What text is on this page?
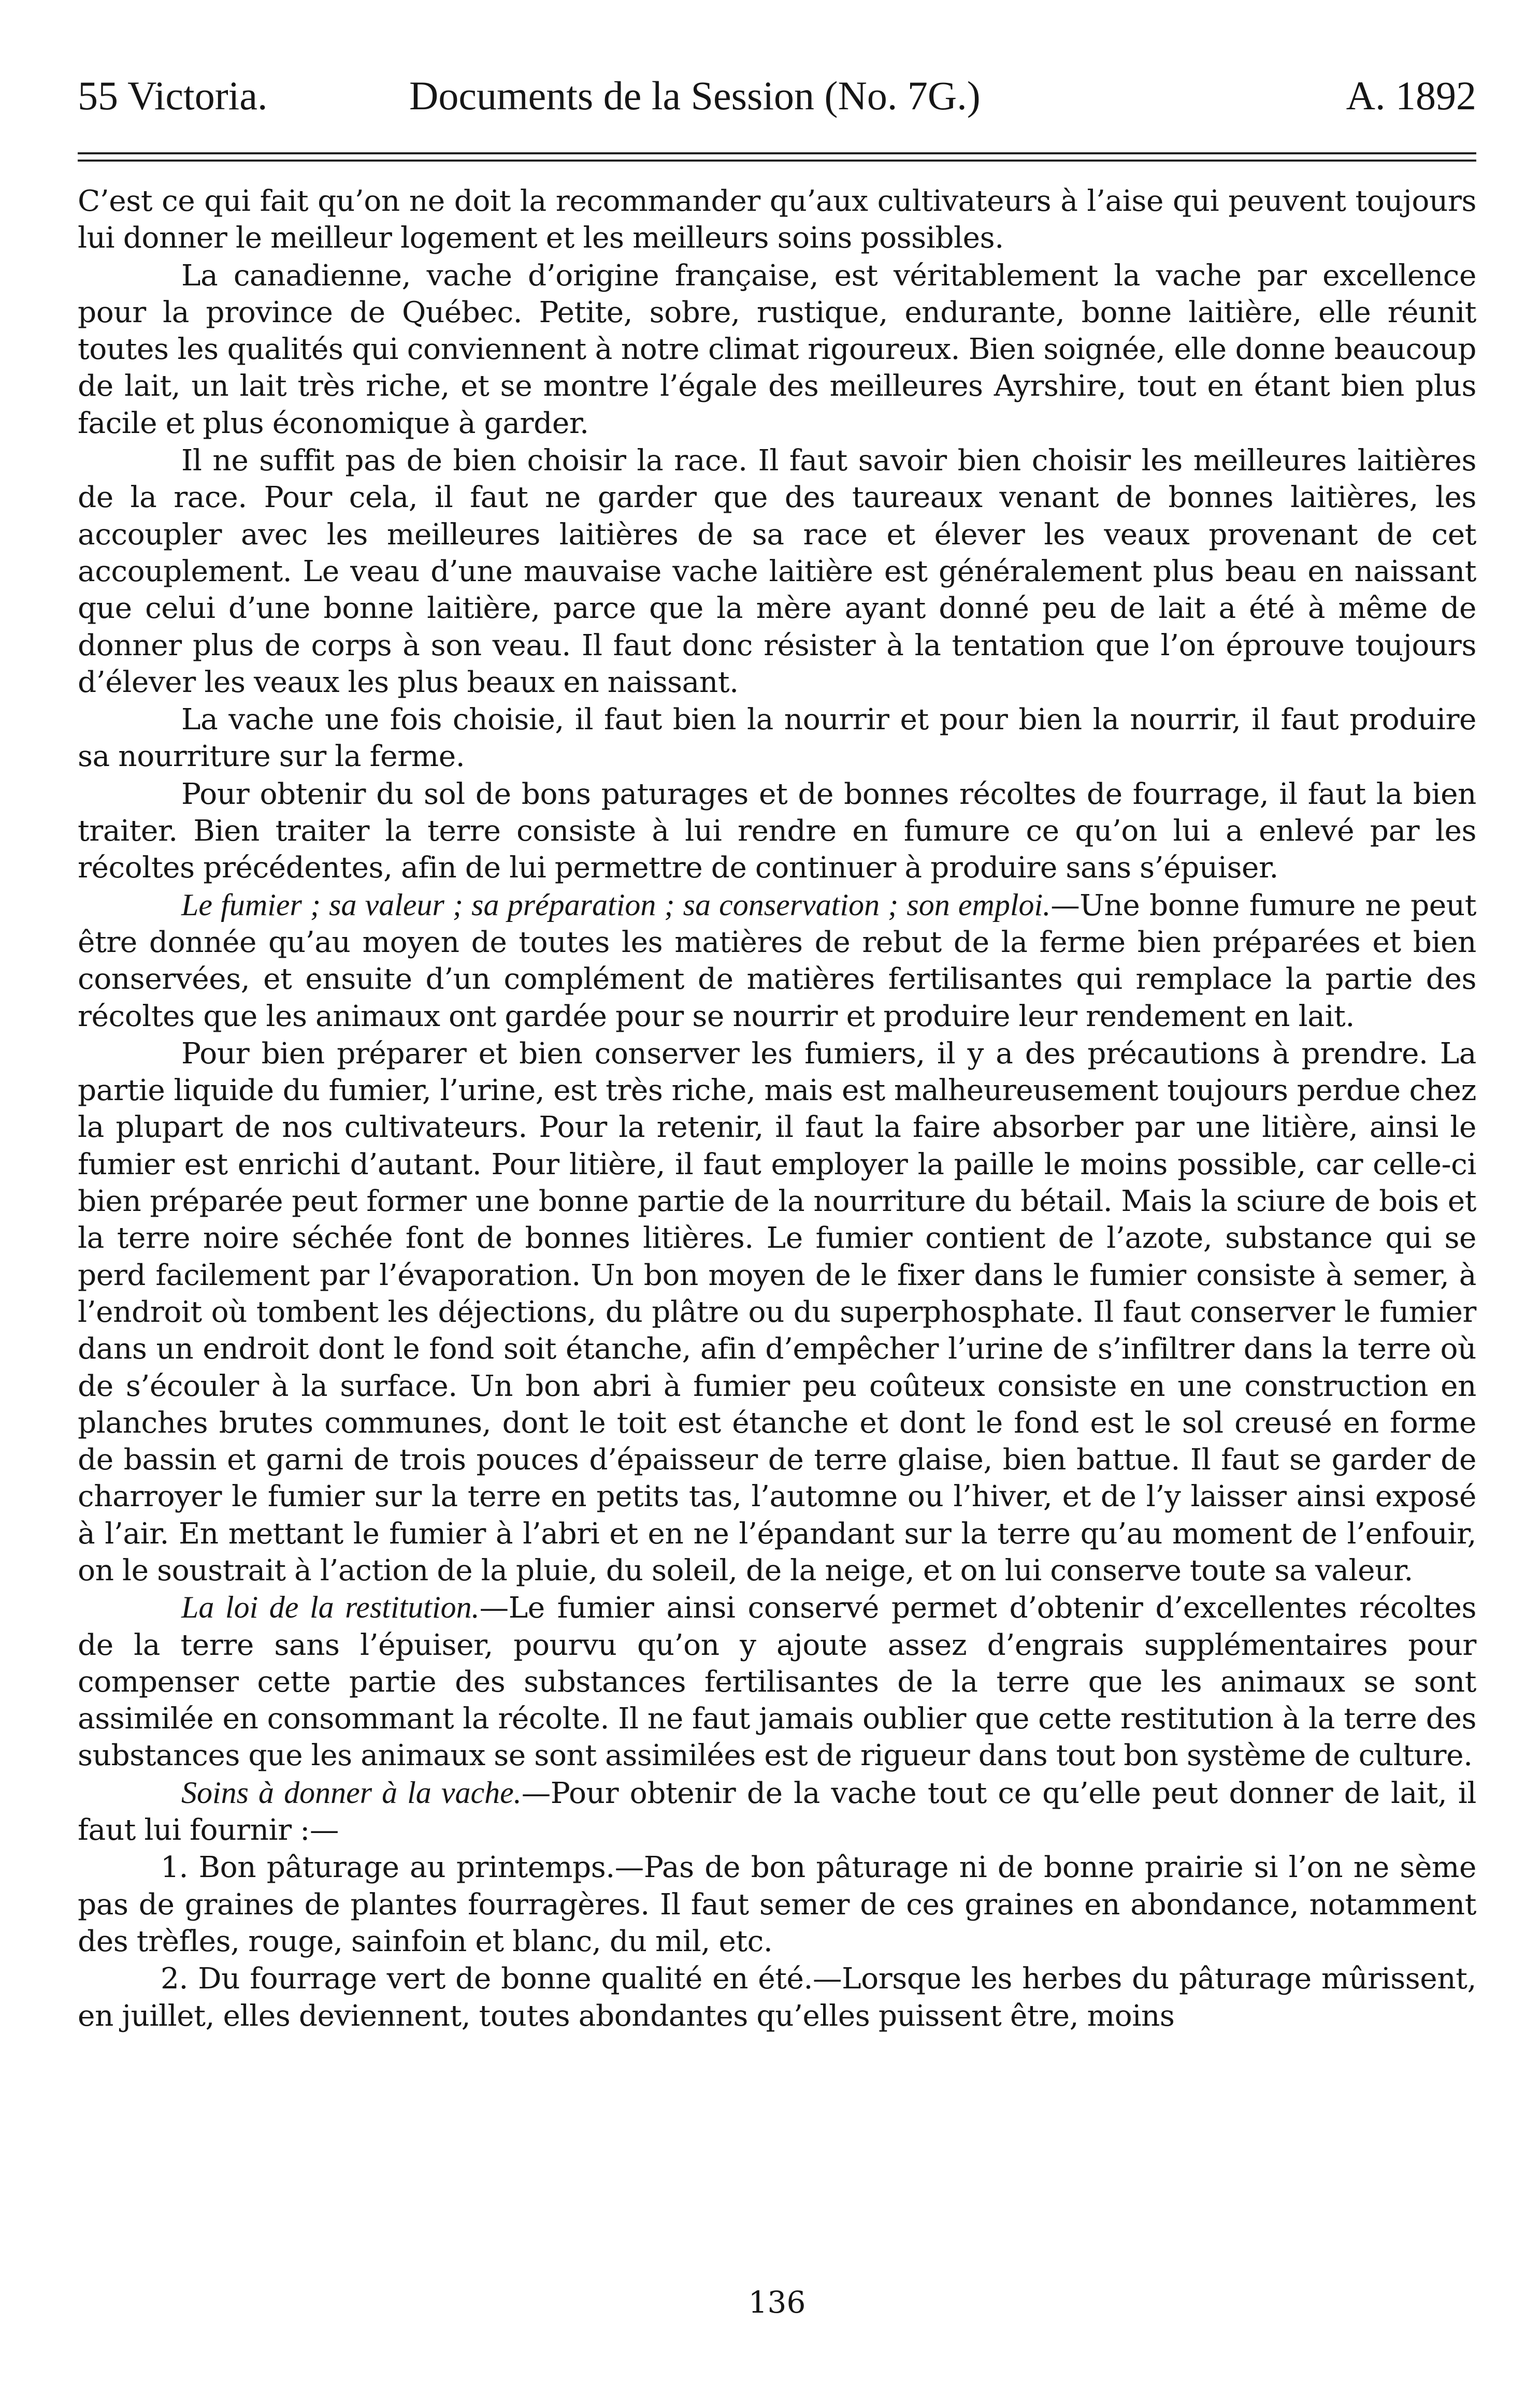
55 Victoria.	Documents de la Session (No. 7G.)	A. 1892

C’est ce qui fait qu’on ne doit la recommander qu’aux cultivateurs à l’aise qui peuvent toujours lui donner le meilleur logement et les meilleurs soins possibles.

La canadienne, vache d’origine française, est véritablement la vache par excellence pour la province de Québec. Petite, sobre, rustique, endurante, bonne laitière, elle réunit toutes les qualités qui conviennent à notre climat rigoureux. Bien soignée, elle donne beaucoup de lait, un lait très riche, et se montre l’égale des meilleures Ayrshire, tout en étant bien plus facile et plus économique à garder.

Il ne suffit pas de bien choisir la race. Il faut savoir bien choisir les meilleures laitières de la race. Pour cela, il faut ne garder que des taureaux venant de bonnes laitières, les accoupler avec les meilleures laitières de sa race et élever les veaux provenant de cet accouplement. Le veau d’une mauvaise vache laitière est généralement plus beau en naissant que celui d’une bonne laitière, parce que la mère ayant donné peu de lait a été à même de donner plus de corps à son veau. Il faut donc résister à la tentation que l’on éprouve toujours d’élever les veaux les plus beaux en naissant.

La vache une fois choisie, il faut bien la nourrir et pour bien la nourrir, il faut produire sa nourriture sur la ferme.

Pour obtenir du sol de bons paturages et de bonnes récoltes de fourrage, il faut la bien traiter. Bien traiter la terre consiste à lui rendre en fumure ce qu’on lui a enlevé par les récoltes précédentes, afin de lui permettre de continuer à produire sans s’épuiser.

Le fumier ; sa valeur ; sa préparation ; sa conservation ; son emploi.—Une bonne fumure ne peut être donnée qu’au moyen de toutes les matières de rebut de la ferme bien préparées et bien conservées, et ensuite d’un complément de matières fertilisantes qui remplace la partie des récoltes que les animaux ont gardée pour se nourrir et produire leur rendement en lait.

Pour bien préparer et bien conserver les fumiers, il y a des précautions à prendre. La partie liquide du fumier, l’urine, est très riche, mais est malheureusement toujours perdue chez la plupart de nos cultivateurs. Pour la retenir, il faut la faire absorber par une litière, ainsi le fumier est enrichi d’autant. Pour litière, il faut employer la paille le moins possible, car celle-ci bien préparée peut former une bonne partie de la nourriture du bétail. Mais la sciure de bois et la terre noire séchée font de bonnes litières. Le fumier contient de l’azote, substance qui se perd facilement par l’évaporation. Un bon moyen de le fixer dans le fumier consiste à semer, à l’endroit où tombent les déjections, du plâtre ou du superphosphate. Il faut conserver le fumier dans un endroit dont le fond soit étanche, afin d’empêcher l’urine de s’infiltrer dans la terre où de s’écouler à la surface. Un bon abri à fumier peu coûteux consiste en une construction en planches brutes communes, dont le toit est étanche et dont le fond est le sol creusé en forme de bassin et garni de trois pouces d’épaisseur de terre glaise, bien battue. Il faut se garder de charroyer le fumier sur la terre en petits tas, l’automne ou l’hiver, et de l’y laisser ainsi exposé à l’air. En mettant le fumier à l’abri et en ne l’épandant sur la terre qu’au moment de l’enfouir, on le soustrait à l’action de la pluie, du soleil, de la neige, et on lui conserve toute sa valeur.

La loi de la restitution.—Le fumier ainsi conservé permet d’obtenir d’excellentes récoltes de la terre sans l’épuiser, pourvu qu’on y ajoute assez d’engrais supplémentaires pour compenser cette partie des substances fertilisantes de la terre que les animaux se sont assimilée en consommant la récolte. Il ne faut jamais oublier que cette restitution à la terre des substances que les animaux se sont assimilées est de rigueur dans tout bon système de culture.

Soins à donner à la vache.—Pour obtenir de la vache tout ce qu’elle peut donner de lait, il faut lui fournir :—

1. Bon pâturage au printemps.—Pas de bon pâturage ni de bonne prairie si l’on ne sème pas de graines de plantes fourragères. Il faut semer de ces graines en abondance, notamment des trèfles, rouge, sainfoin et blanc, du mil, etc.

2. Du fourrage vert de bonne qualité en été.—Lorsque les herbes du pâturage mûrissent, en juillet, elles deviennent, toutes abondantes qu’elles puissent être, moins

136
